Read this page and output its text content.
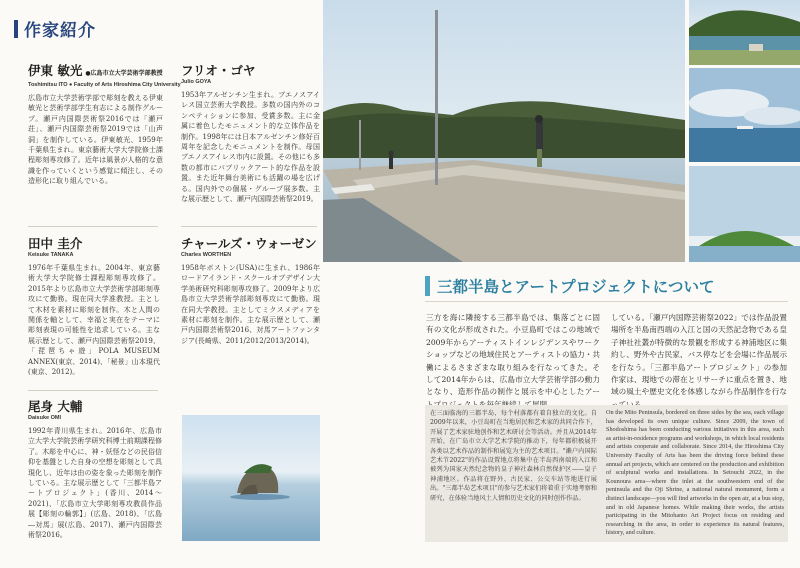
作家紹介
伊東 敏光 ●広島市立大学芸術学部教授
Toshimitsu ITO ● Faculty of Arts Hiroshima City University
広島市立大学芸術学部で彫刻を教える伊東敏光と芸術学部学生有志による制作グループ。瀬戸内国際芸術祭2016では「瀬戸荘」、瀬戸内国際芸術祭2019では「山声洞」を制作している。伊東敏光、1959年千葉県生まれ。東京藝術大学大学院修士課程彫刻専攻修了。近年は風景が人格的な意識を作っていくという感覚に傾注し、その造形化に取り組んでいる。
フリオ・ゴヤ
Julio GOYA
1953年アルゼンチン生まれ。ブエノスアイレス国立芸術大学教授。多数の国内外のコンペティションに参加、受賞多数。主に金属に着色したモニュメント的な立体作品を制作。1998年には日本アルゼンチン修好百周年を記念したモニュメントを制作。母国ブエノスアイレス市内に設置。その他にも多数の都市にパブリックアート的な作品を設置。また近年舞台美術にも活躍の場を広げる。国内外での個展・グループ展多数。主な展示歴として、瀬戸内国際芸術祭2019。
田中 圭介
Keisuke TANAKA
1976年千葉県生まれ。2004年、東京藝術大学大学院修士課程彫刻専攻修了。2015年より広島市立大学芸術学部彫刻専攻にて勤務。現在同大学准教授。主として木材を素材に彫刻を制作。木と人間の関係を軸として、幸福と実在をテーマに彫刻表現の可能性を追求している。主な展示歴として、瀬戸内国際芸術祭2019、「琵琶ちゃ遊」POLA MUSEUM ANNEX(東京、2014)、「秘景」山本現代(東京、2012)。
チャールズ・ウォーゼン
Charles WORTHEN
1958年ボストン(USA)に生まれ、1986年ロードアイランド・スクールオブデザイン大学美術研究科彫刻専攻修了。2009年より広島市立大学芸術学部彫刻専攻にて勤務。現在同大学教授。主としてミクスメディアを素材に彫刻を制作。主な展示歴として、瀬戸内国際芸術祭2016、対馬アートファンタジア(長崎県、2011/2012/2013/2014)。
尾身 大輔
Daisuke OMI
1992年青川県生まれ。2016年、広島市立大学大学院芸術学研究科博士前期課程修了。木彫を中心に、神・妖怪などの民俗信仰を基盤とした自身の空想を彫刻として具現化し、近年は由の姿を象った彫刻を制作している。主な展示歴として「三都半島アートプロジェクト」(香川、2014～2021)、「広島市立大学彫刻専攻教員作品展【彫刻の輪郭】」(広島、2018)、「広島―対馬」展(広島、2017)、瀬戸内国際芸術祭2016。
三都半島とアートプロジェクトについて
三方を海に隣接する三都半島では、集落ごとに固有の文化が形成された。小豆島町ではこの地域で2009年からアーティストインレジデンスやワークショップなどの地域住民とアーティストの協力・共働によるさまざまな取り組みを行なってきた。そして2014年からは、広島市立大学芸術学部の動力となり、造形作品の制作と展示を中心としたアー
している。「瀬戸内国際芸術祭2022」では作品設置場所を半島南西端の入江と国の天然記念物である皇子神社社叢が特徴的な景観を形成する神浦地区に集約し、野外や古民家、バス停などを会場に作品展示を行なう。「三都半島アートプロジェクト」の参加作家は、現地での滞在とリサーチに重点を置き、地域の風土や歴史文化を体感しながら作品制作を行な
在三面临海的三都半岛，每个村落都有着自独立的文化。自2009年以来，小豆岛町在当地居民和艺术家的共同合作下，开展了艺术家驻地创作和艺术研讨会等活动。并且从2014年开始，在广岛市立大学艺术学院的推动下，每年都积极展开各类以艺术作品的制作和展览为主的艺术项目。"濑户内国际艺术节2022"的作品设置地点将集中在半岛西南端的入江和被列为国家天然纪念物的皇子神社森林自然保护区——皇子神浦地区。作品将在野外、古民家、公交车站等地进行展出。"三都半岛艺术项目"的参与艺术家们将着重于实地考察和研究，在体验当地风土人情和历史文化的同时创作作品。
On the Mito Peninsula, bordered on three sides by the sea, each village has developed its own unique culture. Since 2009, the town of Shodoshima has been conducting various initiatives in this area, such as artist-in-residence programs and workshops, in which local residents and artists cooperate and collaborate. Since 2014, the Hiroshima City University Faculty of Arts has been the driving force behind these annual art projects, which are centered on the production and exhibition of sculptural works and installations. In Setouchi 2022, in the Kounoura area—where the inlet at the southwestern end of the peninsula and the Oji Shrine, a national natural monument, form a distinct landscape—you will find artworks in the open air, at a bus stop, and in old Japanese homes. While making their works, the artists participating in the Mitohanto Art Project focus on residing and researching in the area, in order to experience its natural features, history, and culture.
